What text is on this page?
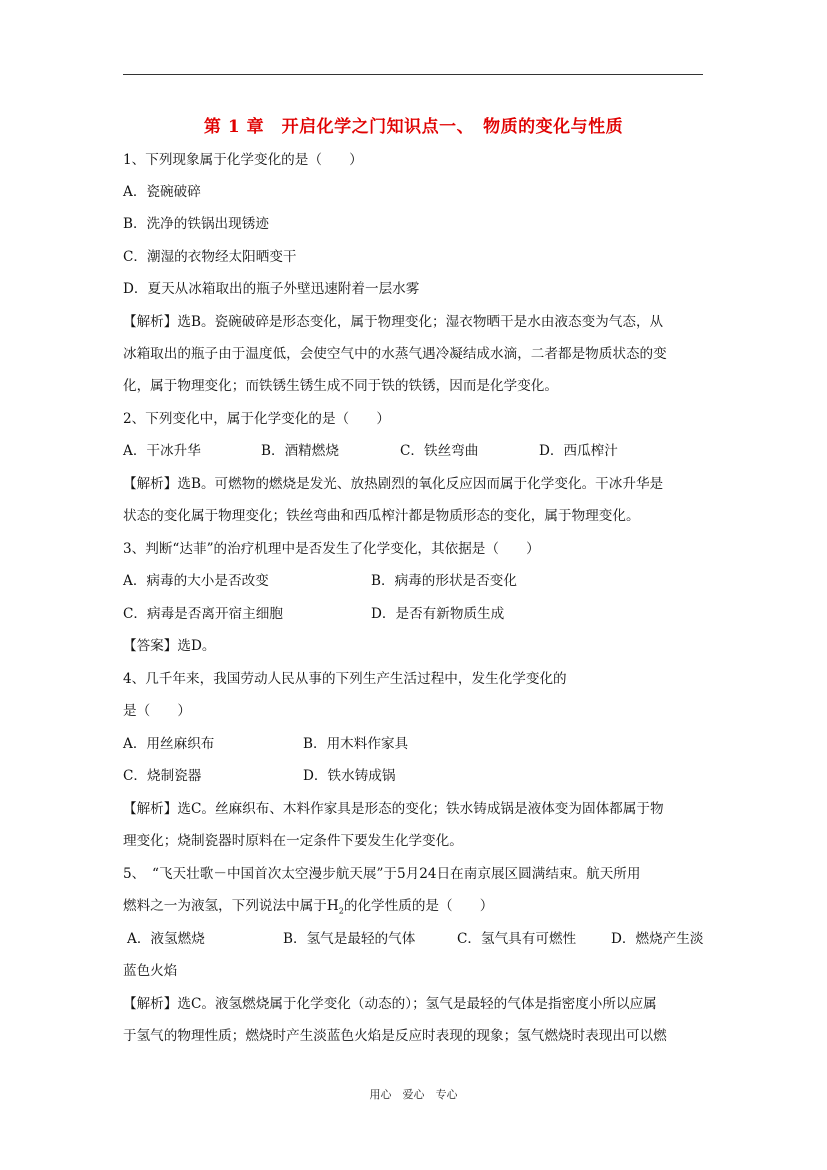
第 1 章　开启化学之门知识点一、　物质的变化与性质
1、下列现象属于化学变化的是（　　）
A．瓷碗破碎
B．洗净的铁锅出现锈迹
C．潮湿的衣物经太阳晒变干
D．夏天从冰箱取出的瓶子外壁迅速附着一层水雾
【解析】选B。瓷碗破碎是形态变化，属于物理变化；湿衣物晒干是水由液态变为气态，从
冰箱取出的瓶子由于温度低，会使空气中的水蒸气遇冷凝结成水滴，二者都是物质状态的变
化，属于物理变化；而铁锈生锈生成不同于铁的铁锈，因而是化学变化。
2、下列变化中，属于化学变化的是（　　）

A．干冰升华

	B．酒精燃烧

	C．铁丝弯曲

	D．西瓜榨汁

【解析】选B。可燃物的燃烧是发光、放热剧烈的氧化反应因而属于化学变化。干冰升华是
状态的变化属于物理变化；铁丝弯曲和西瓜榨汁都是物质形态的变化，属于物理变化。
3、判断“达菲”的治疗机理中是否发生了化学变化，其依据是（　　）

A．病毒的大小是否改变

	B．病毒的形状是否变化

C．病毒是否离开宿主细胞

	D．是否有新物质生成

【答案】选D。
4、几千年来，我国劳动人民从事的下列生产生活过程中，发生化学变化的
是（　　）

A．用丝麻织布

	B．用木料作家具

C．烧制瓷器

	D．铁水铸成锅

【解析】选C。丝麻织布、木料作家具是形态的变化；铁水铸成锅是液体变为固体都属于物
理变化；烧制瓷器时原料在一定条件下要发生化学变化。
5、　“飞天壮歌－中国首次太空漫步航天展”于5月24日在南京展区圆满结束。航天所用
燃料之一为液氢，下列说法中属于$H_2$的化学性质的是（　　）

A．液氢燃烧

	B．氢气是最轻的气体

	C．氢气具有可燃性

	D．燃烧产生淡

蓝色火焰
【解析】选C。液氢燃烧属于化学变化（动态的）；氢气是最轻的气体是指密度小所以应属
于氢气的物理性质；燃烧时产生淡蓝色火焰是反应时表现的现象；氢气燃烧时表现出可以燃
用心　爱心　专心
